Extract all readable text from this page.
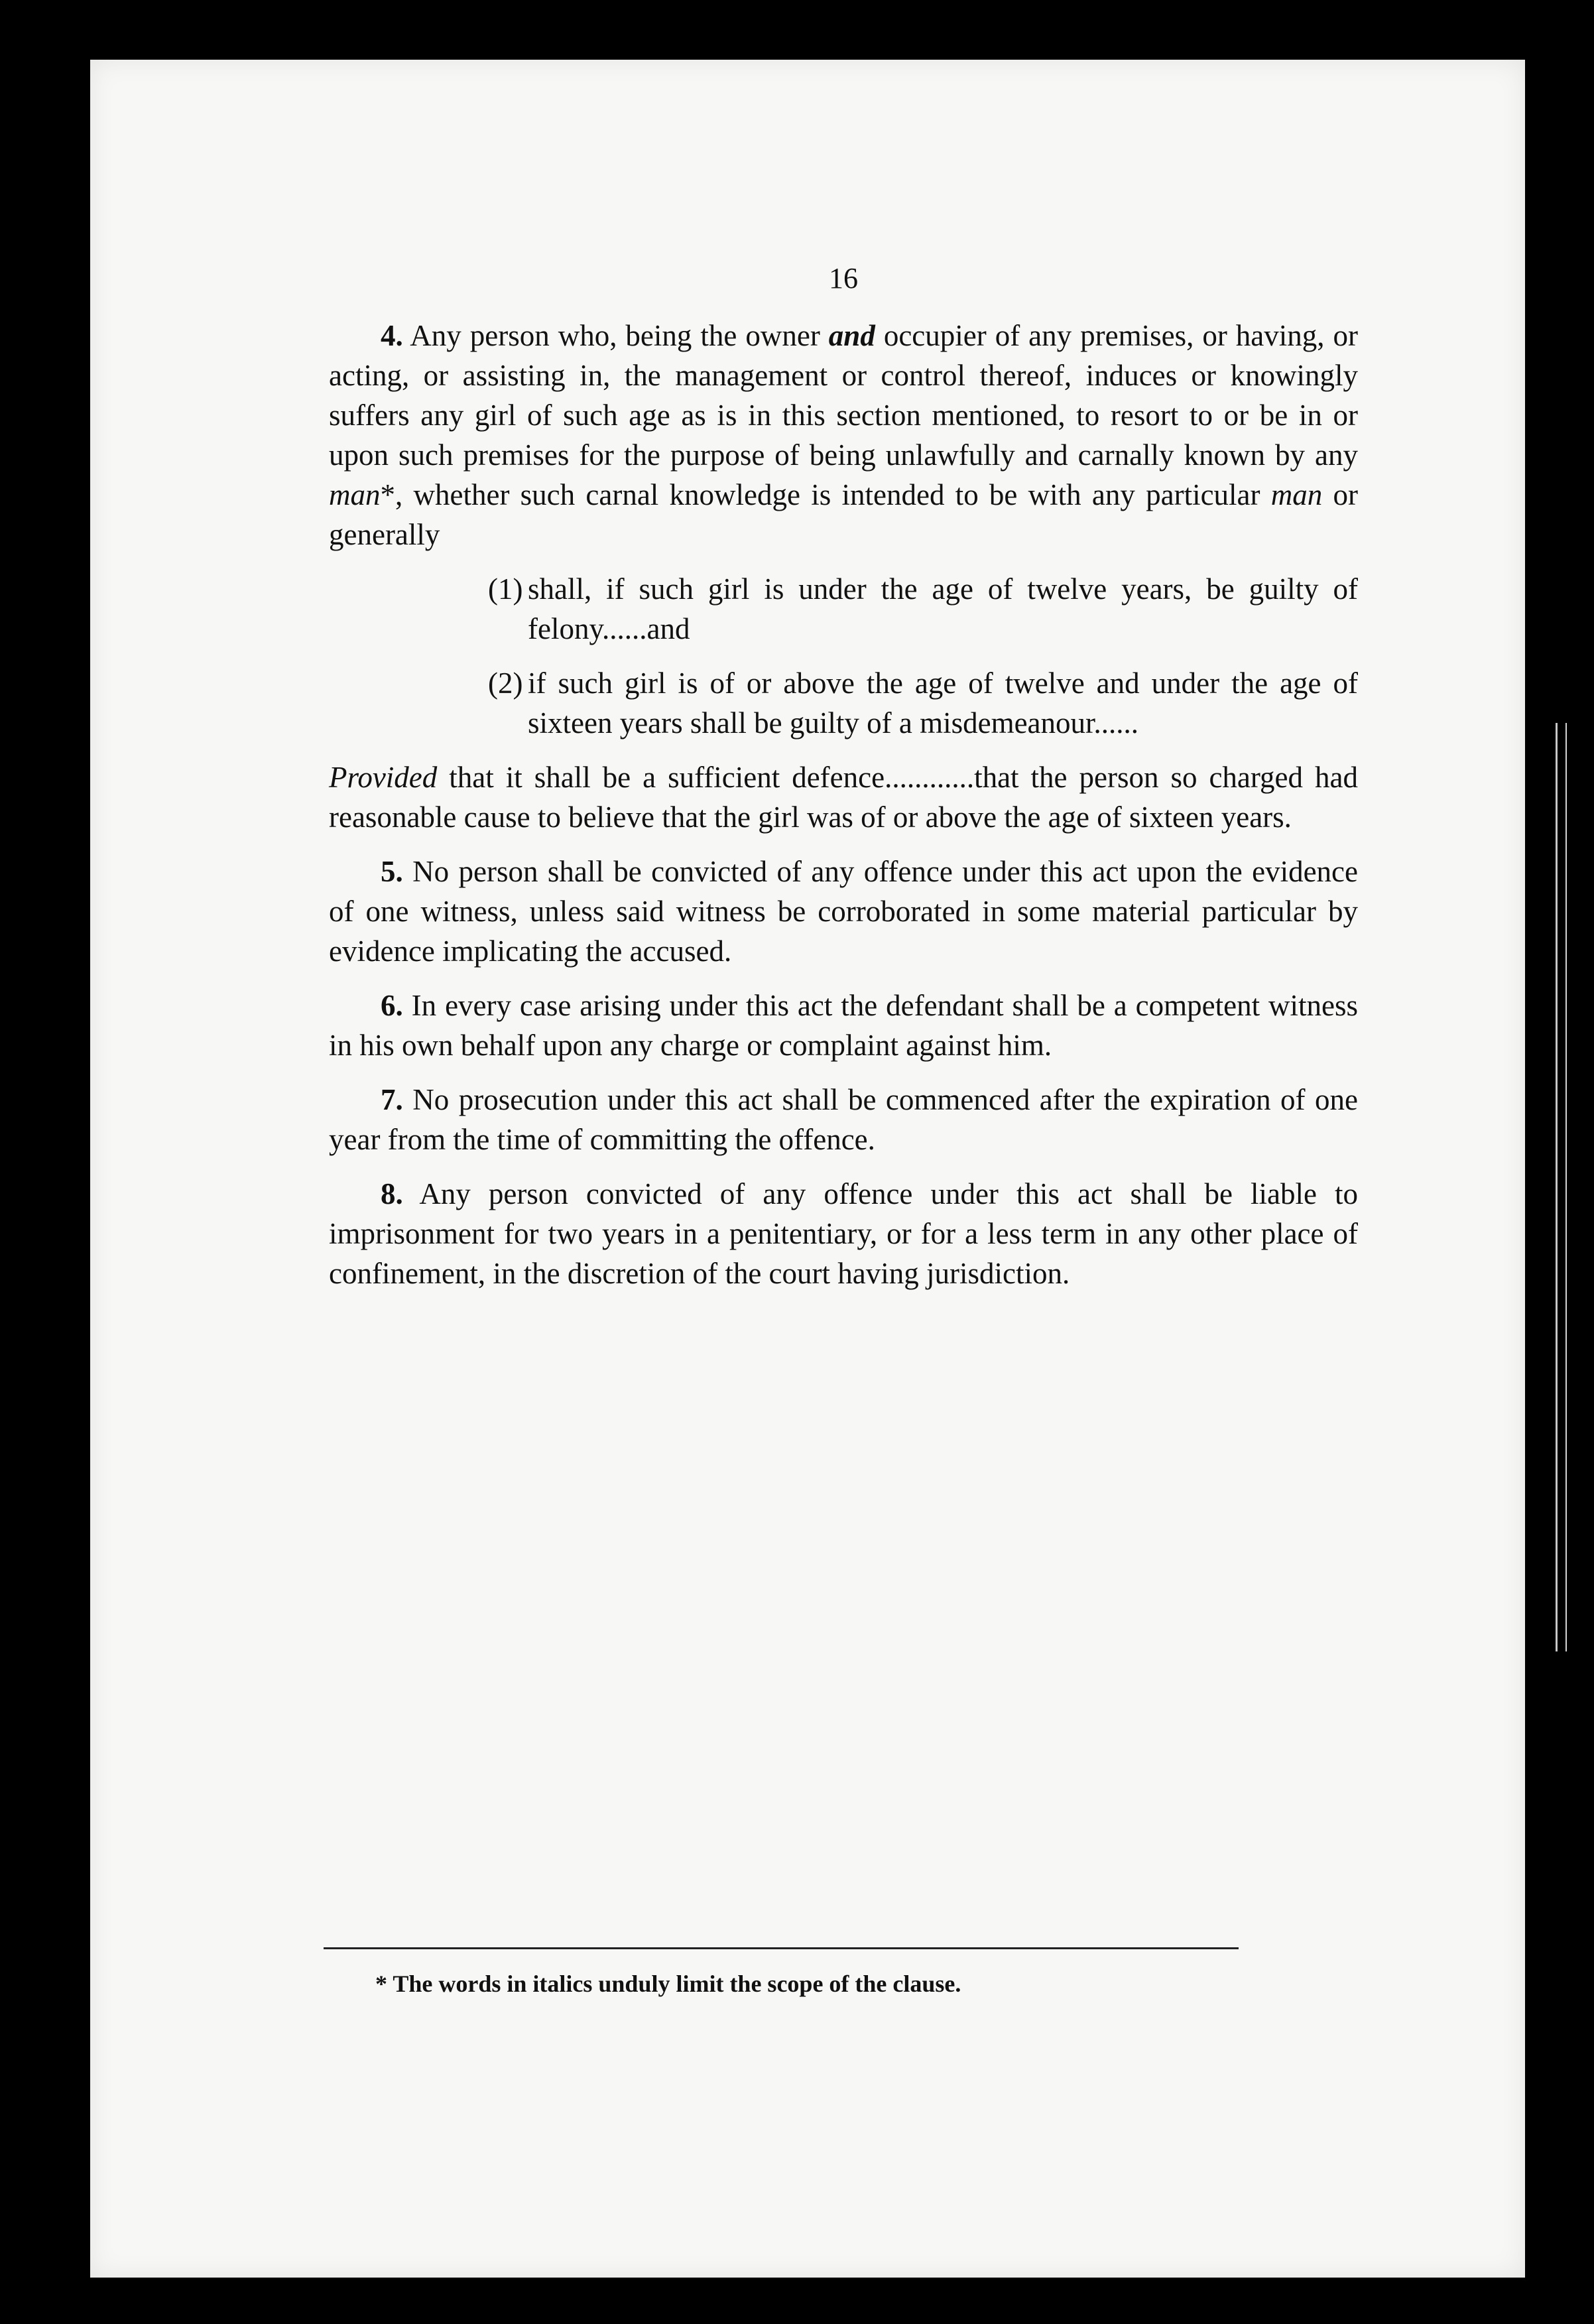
16

4. Any person who, being the owner and occupier of any premises, or having, or acting, or assisting in, the management or control thereof, induces or knowingly suffers any girl of such age as is in this section mentioned, to resort to or be in or upon such premises for the purpose of being unlawfully and carnally known by any man*, whether such carnal knowledge is intended to be with any particular man or generally

(1) shall, if such girl is under the age of twelve years, be guilty of felony......and

(2) if such girl is of or above the age of twelve and under the age of sixteen years shall be guilty of a misdemeanour......

Provided that it shall be a sufficient defence............that the person so charged had reasonable cause to believe that the girl was of or above the age of sixteen years.

5. No person shall be convicted of any offence under this act upon the evidence of one witness, unless said witness be corroborated in some material particular by evidence implicating the accused.

6. In every case arising under this act the defendant shall be a competent witness in his own behalf upon any charge or complaint against him.

7. No prosecution under this act shall be commenced after the expiration of one year from the time of committing the offence.

8. Any person convicted of any offence under this act shall be liable to imprisonment for two years in a penitentiary, or for a less term in any other place of confinement, in the discretion of the court having jurisdiction.

* The words in italics unduly limit the scope of the clause.
